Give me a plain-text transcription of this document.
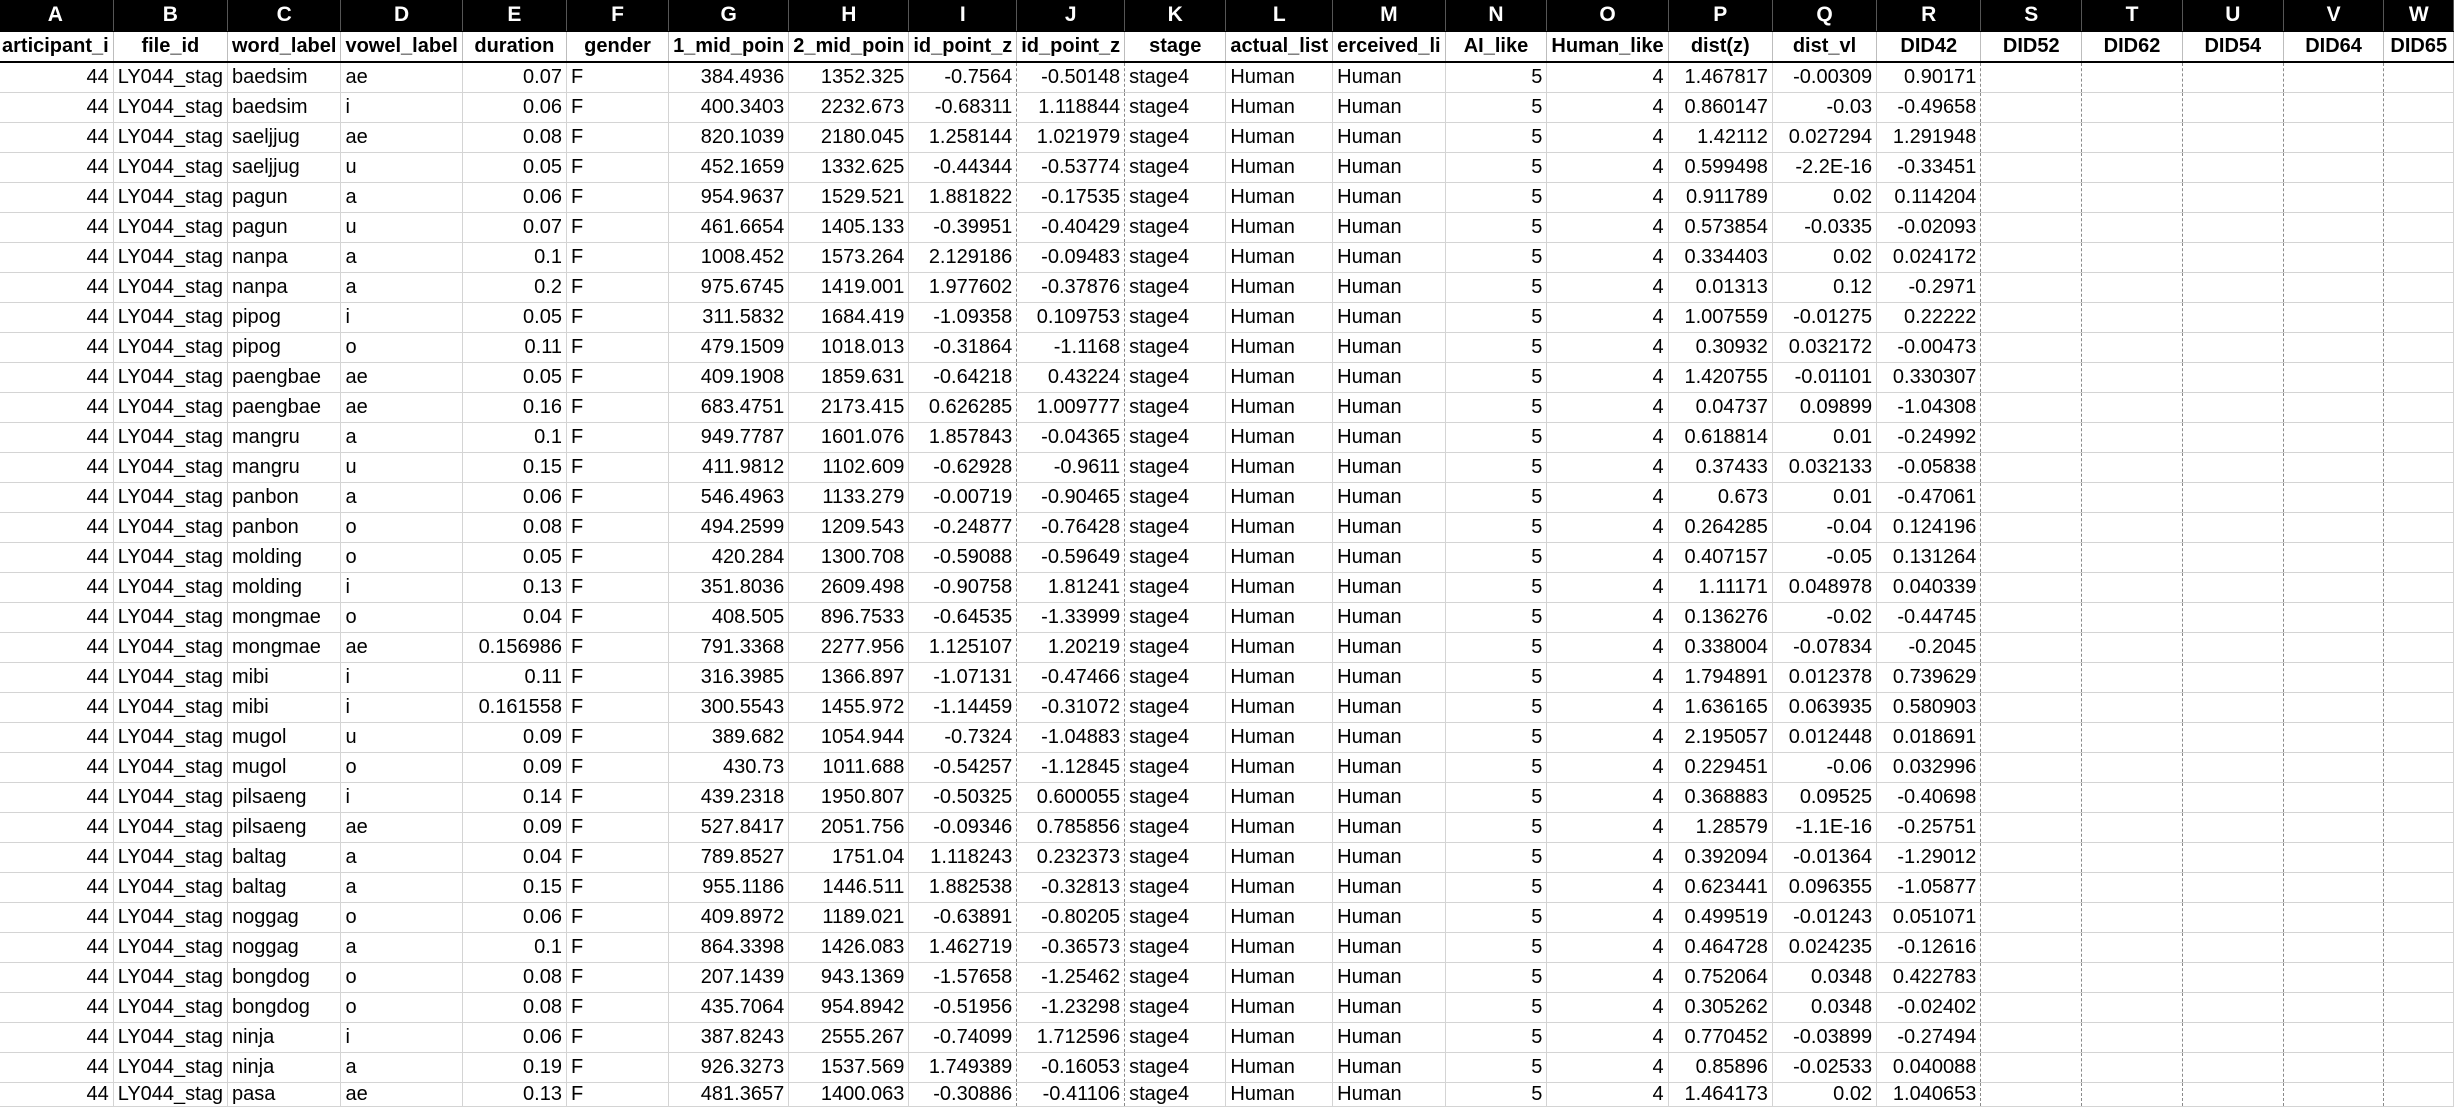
A	B	C	D	E	F	G	H	I	J	K	L	M	N	O	P	Q	R	S	T	U	V	W
articipant_i	file_id	word_label	vowel_label	duration	gender	1_mid_poin	2_mid_poin	id_point_z	id_point_z	stage	actual_list	erceived_li	AI_like	Human_like	dist(z)	dist_vl	DID42	DID52	DID62	DID54	DID64	DID65
44	LY044_stag	baedsim	ae	0.07	F	384.4936	1352.325	-0.7564	-0.50148	stage4	Human	Human	5	4	1.467817	-0.00309	0.90171					
44	LY044_stag	baedsim	i	0.06	F	400.3403	2232.673	-0.68311	1.118844	stage4	Human	Human	5	4	0.860147	-0.03	-0.49658					
44	LY044_stag	saeljjug	ae	0.08	F	820.1039	2180.045	1.258144	1.021979	stage4	Human	Human	5	4	1.42112	0.027294	1.291948					
44	LY044_stag	saeljjug	u	0.05	F	452.1659	1332.625	-0.44344	-0.53774	stage4	Human	Human	5	4	0.599498	-2.2E-16	-0.33451					
44	LY044_stag	pagun	a	0.06	F	954.9637	1529.521	1.881822	-0.17535	stage4	Human	Human	5	4	0.911789	0.02	0.114204					
44	LY044_stag	pagun	u	0.07	F	461.6654	1405.133	-0.39951	-0.40429	stage4	Human	Human	5	4	0.573854	-0.0335	-0.02093					
44	LY044_stag	nanpa	a	0.1	F	1008.452	1573.264	2.129186	-0.09483	stage4	Human	Human	5	4	0.334403	0.02	0.024172					
44	LY044_stag	nanpa	a	0.2	F	975.6745	1419.001	1.977602	-0.37876	stage4	Human	Human	5	4	0.01313	0.12	-0.2971					
44	LY044_stag	pipog	i	0.05	F	311.5832	1684.419	-1.09358	0.109753	stage4	Human	Human	5	4	1.007559	-0.01275	0.22222					
44	LY044_stag	pipog	o	0.11	F	479.1509	1018.013	-0.31864	-1.1168	stage4	Human	Human	5	4	0.30932	0.032172	-0.00473					
44	LY044_stag	paengbae	ae	0.05	F	409.1908	1859.631	-0.64218	0.43224	stage4	Human	Human	5	4	1.420755	-0.01101	0.330307					
44	LY044_stag	paengbae	ae	0.16	F	683.4751	2173.415	0.626285	1.009777	stage4	Human	Human	5	4	0.04737	0.09899	-1.04308					
44	LY044_stag	mangru	a	0.1	F	949.7787	1601.076	1.857843	-0.04365	stage4	Human	Human	5	4	0.618814	0.01	-0.24992					
44	LY044_stag	mangru	u	0.15	F	411.9812	1102.609	-0.62928	-0.9611	stage4	Human	Human	5	4	0.37433	0.032133	-0.05838					
44	LY044_stag	panbon	a	0.06	F	546.4963	1133.279	-0.00719	-0.90465	stage4	Human	Human	5	4	0.673	0.01	-0.47061					
44	LY044_stag	panbon	o	0.08	F	494.2599	1209.543	-0.24877	-0.76428	stage4	Human	Human	5	4	0.264285	-0.04	0.124196					
44	LY044_stag	molding	o	0.05	F	420.284	1300.708	-0.59088	-0.59649	stage4	Human	Human	5	4	0.407157	-0.05	0.131264					
44	LY044_stag	molding	i	0.13	F	351.8036	2609.498	-0.90758	1.81241	stage4	Human	Human	5	4	1.11171	0.048978	0.040339					
44	LY044_stag	mongmae	o	0.04	F	408.505	896.7533	-0.64535	-1.33999	stage4	Human	Human	5	4	0.136276	-0.02	-0.44745					
44	LY044_stag	mongmae	ae	0.156986	F	791.3368	2277.956	1.125107	1.20219	stage4	Human	Human	5	4	0.338004	-0.07834	-0.2045					
44	LY044_stag	mibi	i	0.11	F	316.3985	1366.897	-1.07131	-0.47466	stage4	Human	Human	5	4	1.794891	0.012378	0.739629					
44	LY044_stag	mibi	i	0.161558	F	300.5543	1455.972	-1.14459	-0.31072	stage4	Human	Human	5	4	1.636165	0.063935	0.580903					
44	LY044_stag	mugol	u	0.09	F	389.682	1054.944	-0.7324	-1.04883	stage4	Human	Human	5	4	2.195057	0.012448	0.018691					
44	LY044_stag	mugol	o	0.09	F	430.73	1011.688	-0.54257	-1.12845	stage4	Human	Human	5	4	0.229451	-0.06	0.032996					
44	LY044_stag	pilsaeng	i	0.14	F	439.2318	1950.807	-0.50325	0.600055	stage4	Human	Human	5	4	0.368883	0.09525	-0.40698					
44	LY044_stag	pilsaeng	ae	0.09	F	527.8417	2051.756	-0.09346	0.785856	stage4	Human	Human	5	4	1.28579	-1.1E-16	-0.25751					
44	LY044_stag	baltag	a	0.04	F	789.8527	1751.04	1.118243	0.232373	stage4	Human	Human	5	4	0.392094	-0.01364	-1.29012					
44	LY044_stag	baltag	a	0.15	F	955.1186	1446.511	1.882538	-0.32813	stage4	Human	Human	5	4	0.623441	0.096355	-1.05877					
44	LY044_stag	noggag	o	0.06	F	409.8972	1189.021	-0.63891	-0.80205	stage4	Human	Human	5	4	0.499519	-0.01243	0.051071					
44	LY044_stag	noggag	a	0.1	F	864.3398	1426.083	1.462719	-0.36573	stage4	Human	Human	5	4	0.464728	0.024235	-0.12616					
44	LY044_stag	bongdog	o	0.08	F	207.1439	943.1369	-1.57658	-1.25462	stage4	Human	Human	5	4	0.752064	0.0348	0.422783					
44	LY044_stag	bongdog	o	0.08	F	435.7064	954.8942	-0.51956	-1.23298	stage4	Human	Human	5	4	0.305262	0.0348	-0.02402					
44	LY044_stag	ninja	i	0.06	F	387.8243	2555.267	-0.74099	1.712596	stage4	Human	Human	5	4	0.770452	-0.03899	-0.27494					
44	LY044_stag	ninja	a	0.19	F	926.3273	1537.569	1.749389	-0.16053	stage4	Human	Human	5	4	0.85896	-0.02533	0.040088					
44	LY044_stag	pasa	ae	0.13	F	481.3657	1400.063	-0.30886	-0.41106	stage4	Human	Human	5	4	1.464173	0.02	1.040653					
